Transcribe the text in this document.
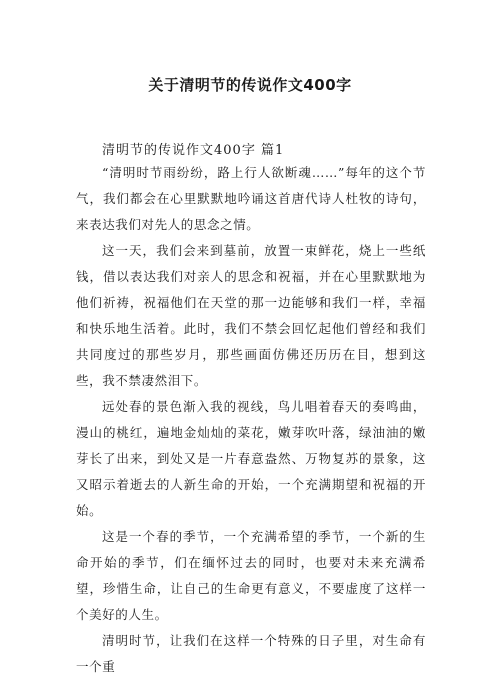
关于清明节的传说作文400字
清明节的传说作文400字 篇1

“清明时节雨纷纷，路上行人欲断魂……”每年的这个节气，我们都会在心里默默地吟诵这首唐代诗人杜牧的诗句，来表达我们对先人的思念之情。

这一天，我们会来到墓前，放置一束鲜花，烧上一些纸钱，借以表达我们对亲人的思念和祝福，并在心里默默地为他们祈祷，祝福他们在天堂的那一边能够和我们一样，幸福和快乐地生活着。此时，我们不禁会回忆起他们曾经和我们共同度过的那些岁月，那些画面仿佛还历历在目，想到这些，我不禁凄然泪下。

远处春的景色渐入我的视线，鸟儿唱着春天的奏鸣曲，漫山的桃红，遍地金灿灿的菜花，嫩芽吹叶落，绿油油的嫩芽长了出来，到处又是一片春意盎然、万物复苏的景象，这又昭示着逝去的人新生命的开始，一个充满期望和祝福的开始。

这是一个春的季节，一个充满希望的季节，一个新的生命开始的季节，们在缅怀过去的同时，也要对未来充满希望，珍惜生命，让自己的生命更有意义，不要虚度了这样一个美好的人生。

清明时节，让我们在这样一个特殊的日子里，对生命有一个重
